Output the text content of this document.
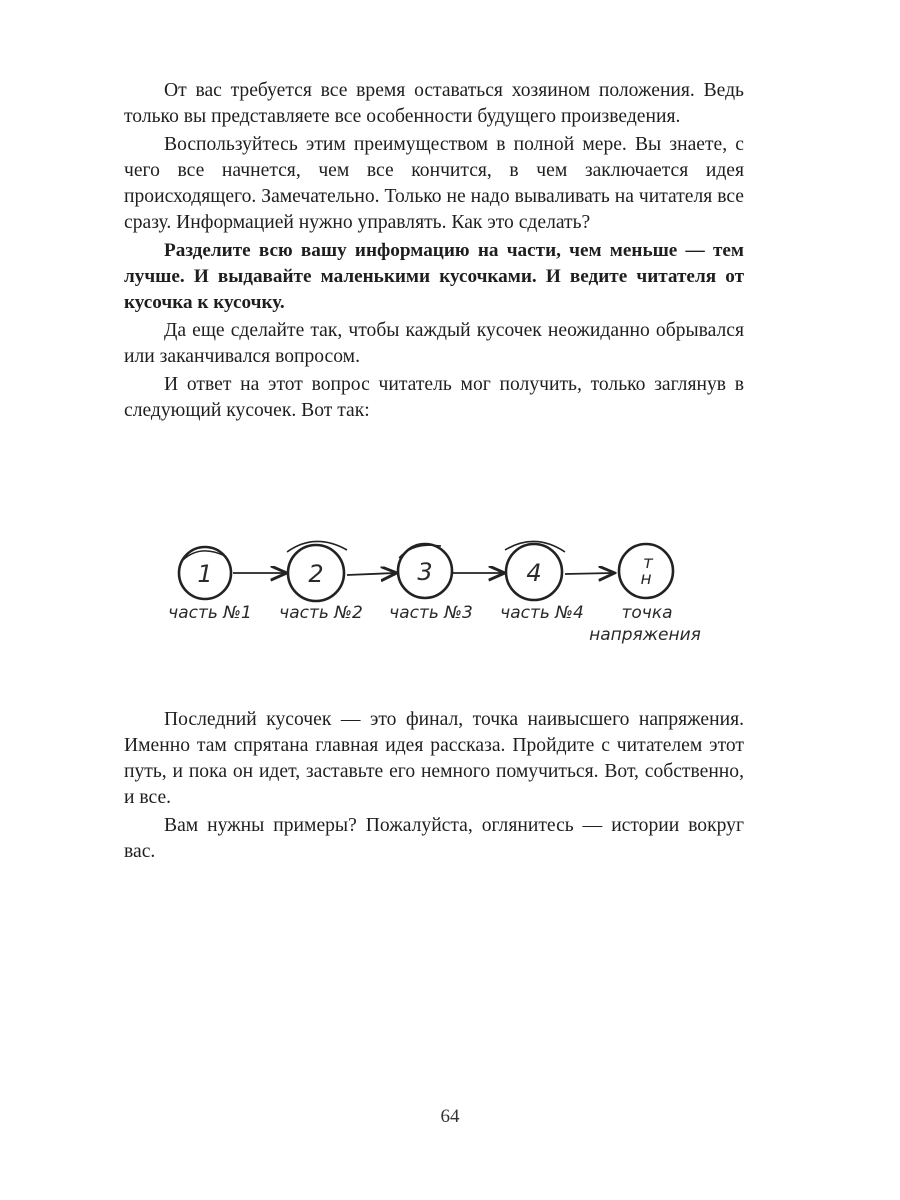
От вас требуется все время оставаться хозяином положения. Ведь только вы представляете все особенности будущего произведения.

Воспользуйтесь этим преимуществом в полной мере. Вы знаете, с чего все начнется, чем все кончится, в чем заключается идея происходящего. Замечательно. Только не надо вываливать на читателя все сразу. Информацией нужно управлять. Как это сделать?

Разделите всю вашу информацию на части, чем меньше — тем лучше. И выдавайте маленькими кусочками. И ведите читателя от кусочка к кусочку.

Да еще сделайте так, чтобы каждый кусочек неожиданно обрывался или заканчивался вопросом.

И ответ на этот вопрос читатель мог получить, только заглянув в следующий кусочек. Вот так:

1
часть №1
2
часть №2
3
часть №3
4
часть №4
т
н
точка
напряжения

Последний кусочек — это финал, точка наивысшего напряжения. Именно там спрятана главная идея рассказа. Пройдите с читателем этот путь, и пока он идет, заставьте его немного помучиться. Вот, собственно, и все.

Вам нужны примеры? Пожалуйста, оглянитесь — истории вокруг вас.

64
